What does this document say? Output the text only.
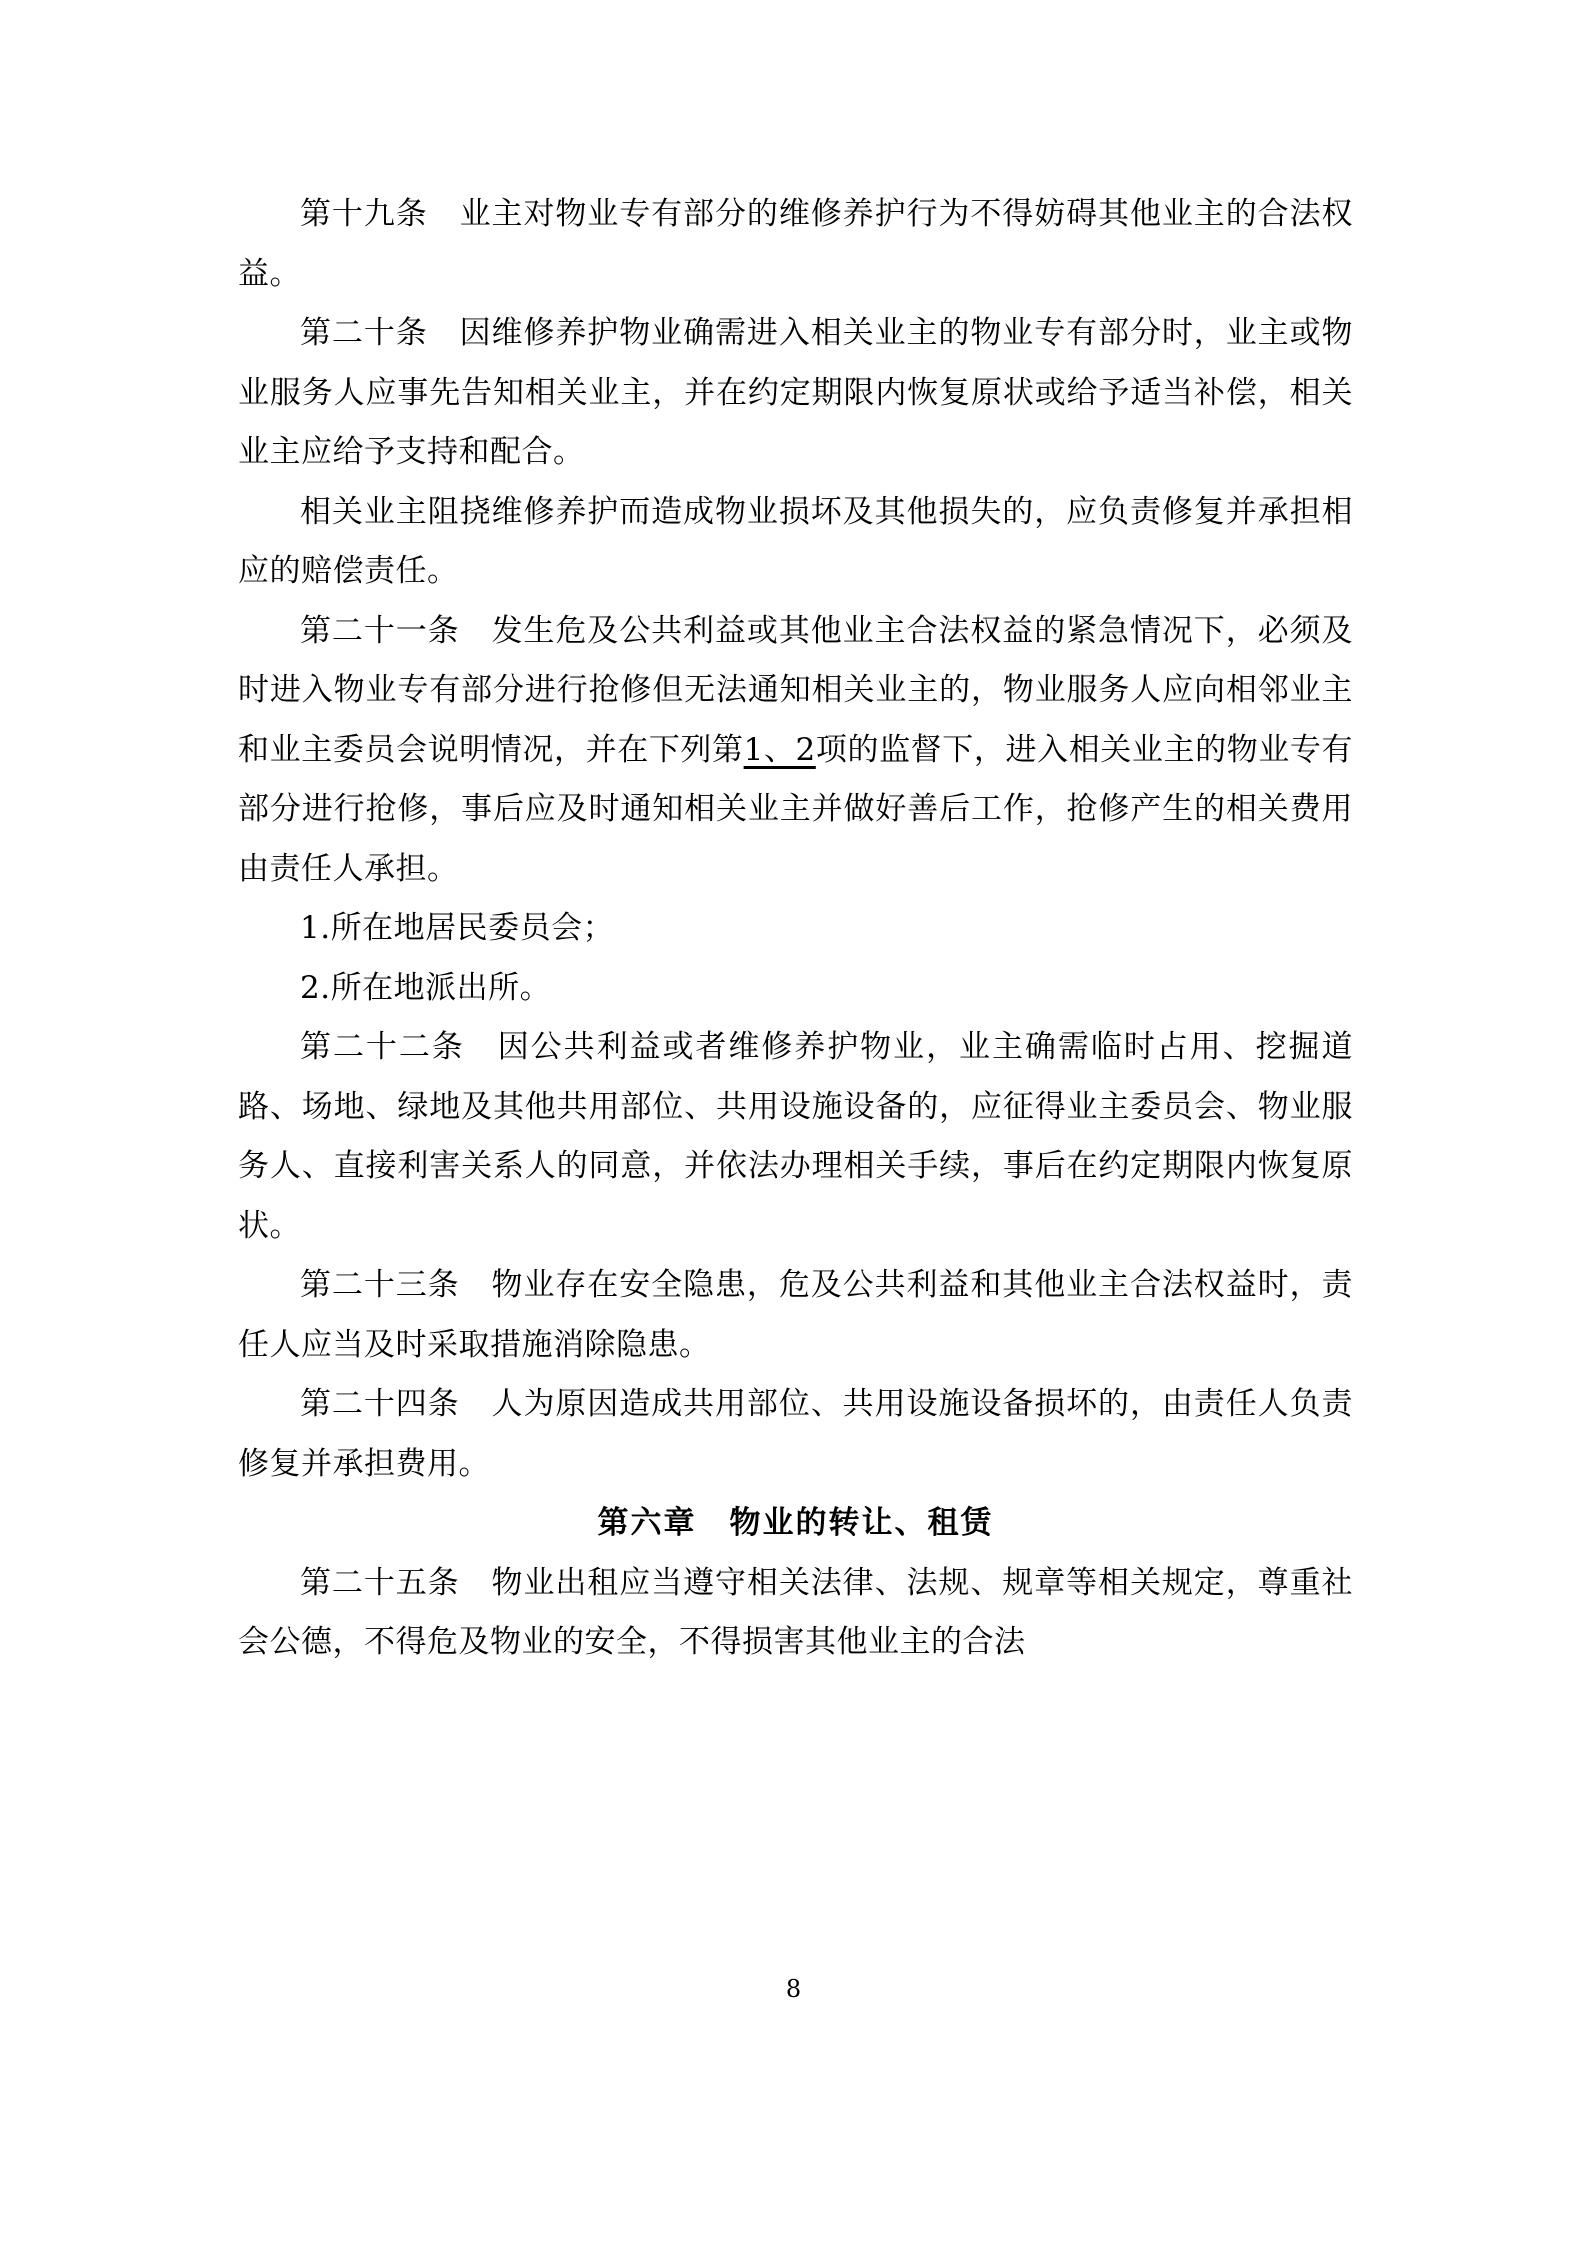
第十九条　业主对物业专有部分的维修养护行为不得妨碍其他业主的合法权益。

第二十条　因维修养护物业确需进入相关业主的物业专有部分时，业主或物业服务人应事先告知相关业主，并在约定期限内恢复原状或给予适当补偿，相关业主应给予支持和配合。

相关业主阻挠维修养护而造成物业损坏及其他损失的，应负责修复并承担相应的赔偿责任。

第二十一条　发生危及公共利益或其他业主合法权益的紧急情况下，必须及时进入物业专有部分进行抢修但无法通知相关业主的，物业服务人应向相邻业主和业主委员会说明情况，并在下列第1、2项的监督下，进入相关业主的物业专有部分进行抢修，事后应及时通知相关业主并做好善后工作，抢修产生的相关费用由责任人承担。

1.所在地居民委员会；

2.所在地派出所。

第二十二条　因公共利益或者维修养护物业，业主确需临时占用、挖掘道路、场地、绿地及其他共用部位、共用设施设备的，应征得业主委员会、物业服务人、直接利害关系人的同意，并依法办理相关手续，事后在约定期限内恢复原状。

第二十三条　物业存在安全隐患，危及公共利益和其他业主合法权益时，责任人应当及时采取措施消除隐患。

第二十四条　人为原因造成共用部位、共用设施设备损坏的，由责任人负责修复并承担费用。

第六章　物业的转让、租赁

第二十五条　物业出租应当遵守相关法律、法规、规章等相关规定，尊重社会公德，不得危及物业的安全，不得损害其他业主的合法

8
